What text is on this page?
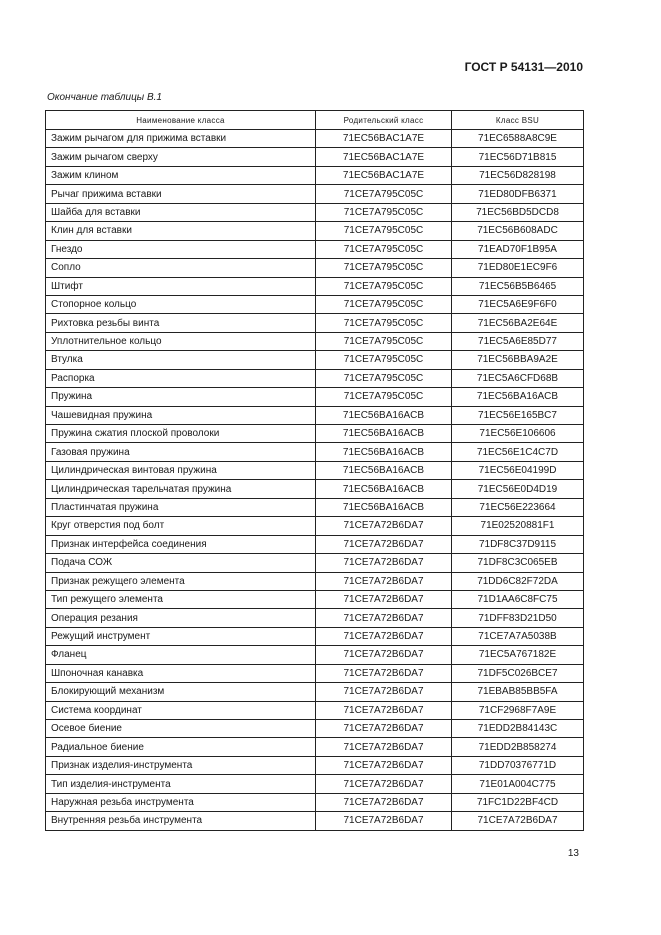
ГОСТ Р 54131—2010
Окончание таблицы В.1
Наименование класса	Родительский класс	Класс BSU
Зажим рычагом для прижима вставки	71EC56BAC1A7E	71EC6588A8C9E
Зажим рычагом сверху	71EC56BAC1A7E	71EC56D71B815
Зажим клином	71EC56BAC1A7E	71EC56D828198
Рычаг прижима вставки	71CE7A795C05C	71ED80DFB6371
Шайба для вставки	71CE7A795C05C	71EC56BD5DCD8
Клин для вставки	71CE7A795C05C	71EC56B608ADC
Гнездо	71CE7A795C05C	71EAD70F1B95A
Сопло	71CE7A795C05C	71ED80E1EC9F6
Штифт	71CE7A795C05C	71EC56B5B6465
Стопорное кольцо	71CE7A795C05C	71EC5A6E9F6F0
Рихтовка резьбы винта	71CE7A795C05C	71EC56BA2E64E
Уплотнительное кольцо	71CE7A795C05C	71EC5A6E85D77
Втулка	71CE7A795C05C	71EC56BBA9A2E
Распорка	71CE7A795C05C	71EC5A6CFD68B
Пружина	71CE7A795C05C	71EC56BA16ACB
Чашевидная пружина	71EC56BA16ACB	71EC56E165BC7
Пружина сжатия плоской проволоки	71EC56BA16ACB	71EC56E106606
Газовая пружина	71EC56BA16ACB	71EC56E1C4C7D
Цилиндрическая винтовая пружина	71EC56BA16ACB	71EC56E04199D
Цилиндрическая тарельчатая пружина	71EC56BA16ACB	71EC56E0D4D19
Пластинчатая пружина	71EC56BA16ACB	71EC56E223664
Круг отверстия под болт	71CE7A72B6DA7	71E02520881F1
Признак интерфейса соединения	71CE7A72B6DA7	71DF8C37D9115
Подача СОЖ	71CE7A72B6DA7	71DF8C3C065EB
Признак режущего элемента	71CE7A72B6DA7	71DD6C82F72DA
Тип режущего элемента	71CE7A72B6DA7	71D1AA6C8FC75
Операция резания	71CE7A72B6DA7	71DFF83D21D50
Режущий инструмент	71CE7A72B6DA7	71CE7A7A5038B
Фланец	71CE7A72B6DA7	71EC5A767182E
Шпоночная канавка	71CE7A72B6DA7	71DF5C026BCE7
Блокирующий механизм	71CE7A72B6DA7	71EBAB85BB5FA
Система координат	71CE7A72B6DA7	71CF2968F7A9E
Осевое биение	71CE7A72B6DA7	71EDD2B84143C
Радиальное биение	71CE7A72B6DA7	71EDD2B858274
Признак изделия-инструмента	71CE7A72B6DA7	71DD70376771D
Тип изделия-инструмента	71CE7A72B6DA7	71E01A004C775
Наружная резьба инструмента	71CE7A72B6DA7	71FC1D22BF4CD
Внутренняя резьба инструмента	71CE7A72B6DA7	71CE7A72B6DA7
13
